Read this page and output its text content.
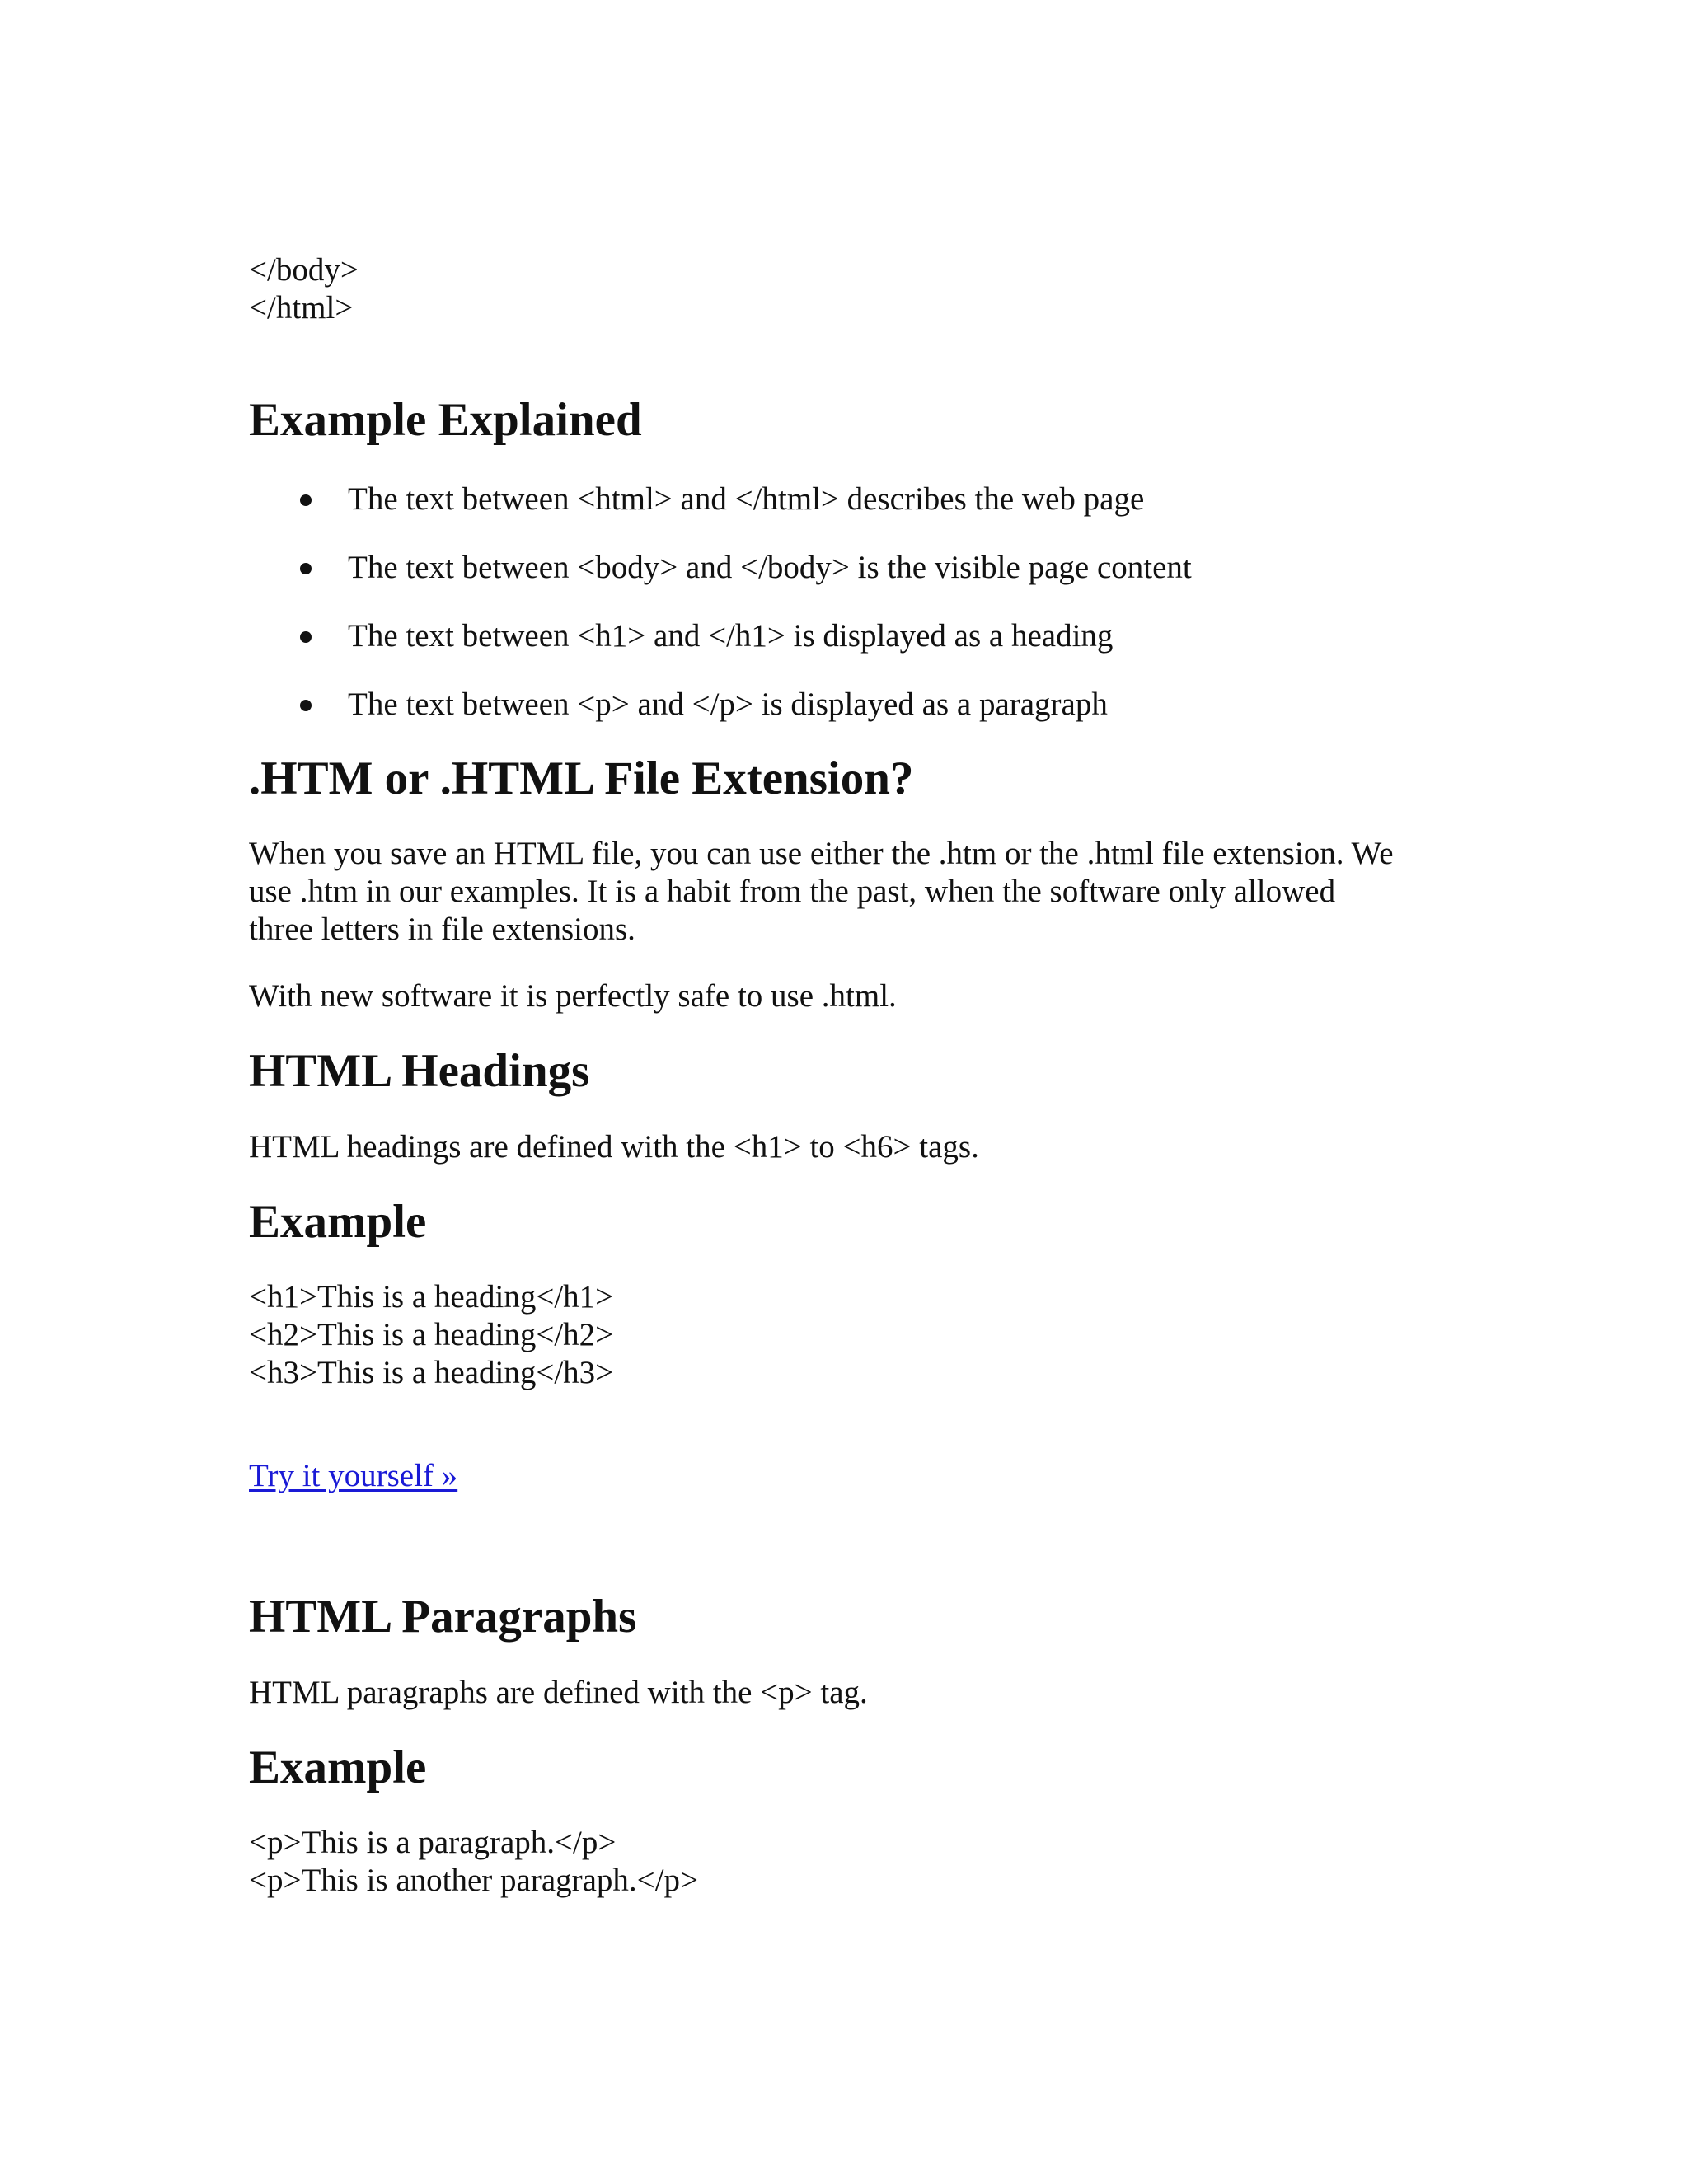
</body>
</html>
Example Explained
The text between <html> and </html> describes the web page
The text between <body> and </body> is the visible page content
The text between <h1> and </h1> is displayed as a heading
The text between <p> and </p> is displayed as a paragraph
.HTM or .HTML File Extension?
When you save an HTML file, you can use either the .htm or the .html file extension. We
use .htm in our examples. It is a habit from the past, when the software only allowed
three letters in file extensions.
With new software it is perfectly safe to use .html.
HTML Headings
HTML headings are defined with the <h1> to <h6> tags.
Example
<h1>This is a heading</h1>
<h2>This is a heading</h2>
<h3>This is a heading</h3>
Try it yourself »
HTML Paragraphs
HTML paragraphs are defined with the <p> tag.
Example
<p>This is a paragraph.</p>
<p>This is another paragraph.</p>
